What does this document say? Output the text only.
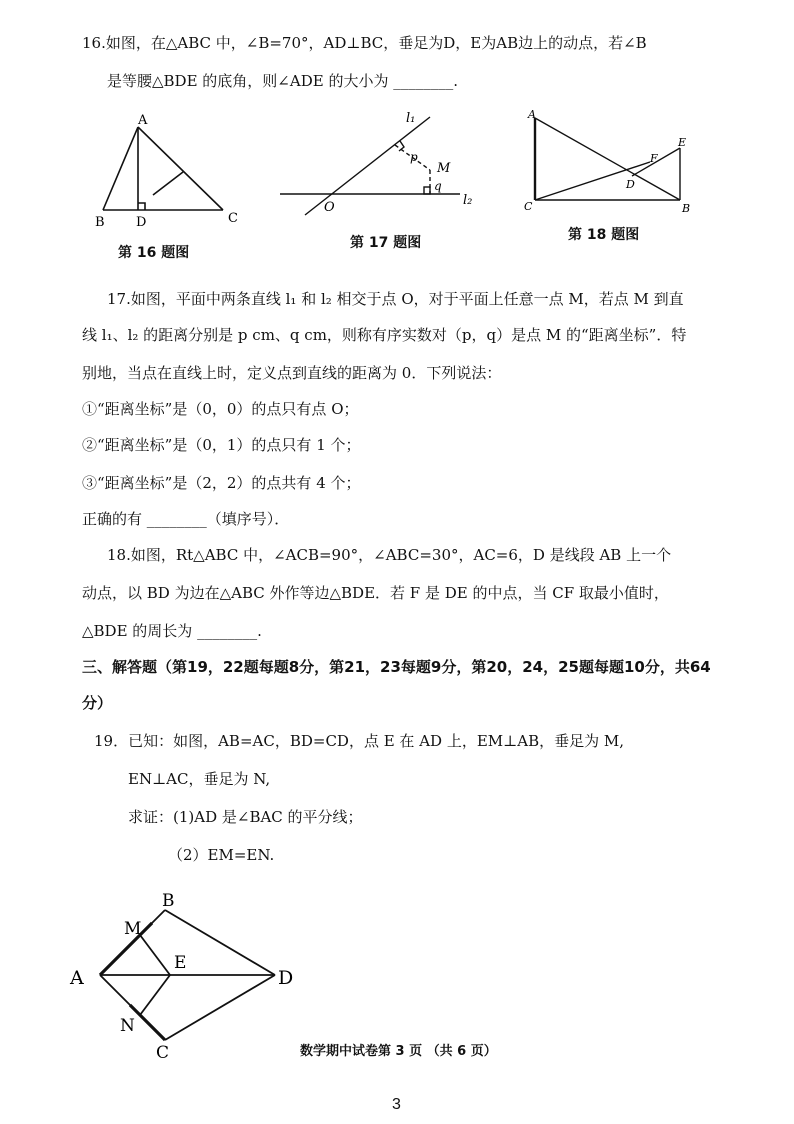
16.如图，在△ABC 中，∠B=70°，AD⊥BC，垂足为D，E为AB边上的动点，若∠B
是等腰△BDE 的底角，则∠ADE 的大小为 ________.
A
B D	C
l₁
l₂
O
M
p
q
A
C	B
D
E
F
B
M
E
A	D
N
C
第 16 题图
第 17 题图	第 18 题图
17.如图，平面中两条直线 l₁ 和 l₂ 相交于点 O，对于平面上任意一点 M，若点 M 到直
线 l₁、l₂ 的距离分别是 p cm、q cm，则称有序实数对（p，q）是点 M 的“距离坐标”．特
别地，当点在直线上时，定义点到直线的距离为 0．下列说法：
①“距离坐标”是（0，0）的点只有点 O；
②“距离坐标”是（0，1）的点只有 1 个；
③“距离坐标”是（2，2）的点共有 4 个；
正确的有 ________（填序号）．
18.如图，Rt△ABC 中，∠ACB=90°，∠ABC=30°，AC=6，D 是线段 AB 上一个
动点，以 BD 为边在△ABC 外作等边△BDE．若 F 是 DE 的中点，当 CF 取最小值时，
△BDE 的周长为 ________.
三、解答题（第19，22题每题8分，第21，23每题9分，第20，24，25题每题10分，共64
分）
19．已知：如图，AB=AC，BD=CD，点 E 在 AD 上，EM⊥AB，垂足为 M,
EN⊥AC，垂足为 N,
求证：(1)AD 是∠BAC 的平分线；
（2）EM=EN.
数学期中试卷第 3 页 （共 6 页）
3
